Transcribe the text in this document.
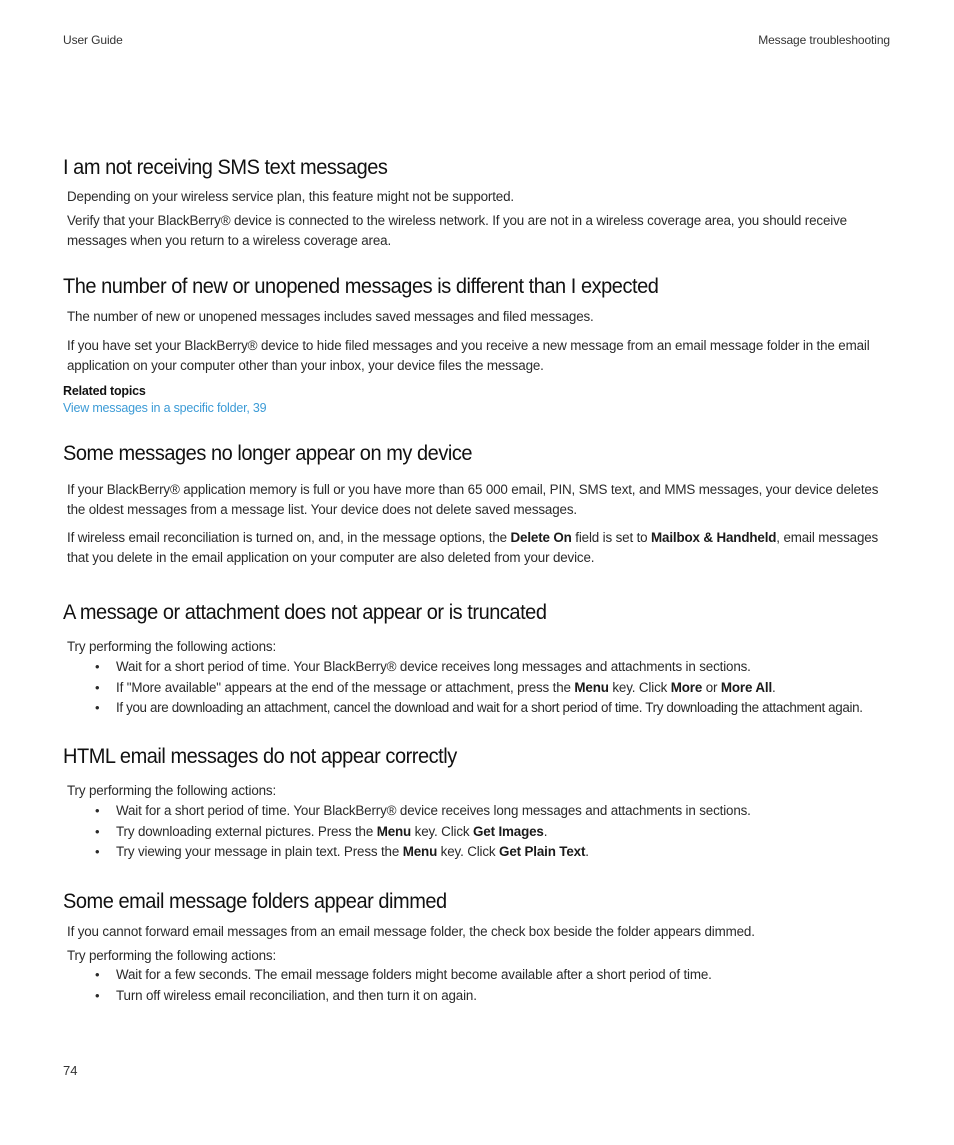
User Guide	Message troubleshooting
I am not receiving SMS text messages

Depending on your wireless service plan, this feature might not be supported.

Verify that your BlackBerry® device is connected to the wireless network. If you are not in a wireless coverage area, you should receive messages when you return to a wireless coverage area.

The number of new or unopened messages is different than I expected

The number of new or unopened messages includes saved messages and filed messages.

If you have set your BlackBerry® device to hide filed messages and you receive a new message from an email message folder in the email application on your computer other than your inbox, your device files the message.

Related topics
View messages in a specific folder, 39
Some messages no longer appear on my device

If your BlackBerry® application memory is full or you have more than 65 000 email, PIN, SMS text, and MMS messages, your device deletes the oldest messages from a message list. Your device does not delete saved messages.

If wireless email reconciliation is turned on, and, in the message options, the Delete On field is set to Mailbox & Handheld, email messages that you delete in the email application on your computer are also deleted from your device.

A message or attachment does not appear or is truncated

Try performing the following actions:

• Wait for a short period of time. Your BlackBerry® device receives long messages and attachments in sections.
• If "More available" appears at the end of the message or attachment, press the Menu key. Click More or More All.
• If you are downloading an attachment, cancel the download and wait for a short period of time. Try downloading the attachment again.
HTML email messages do not appear correctly

Try performing the following actions:

• Wait for a short period of time. Your BlackBerry® device receives long messages and attachments in sections.
• Try downloading external pictures. Press the Menu key. Click Get Images.
• Try viewing your message in plain text. Press the Menu key. Click Get Plain Text.
Some email message folders appear dimmed

If you cannot forward email messages from an email message folder, the check box beside the folder appears dimmed.

Try performing the following actions:

• Wait for a few seconds. The email message folders might become available after a short period of time.
• Turn off wireless email reconciliation, and then turn it on again.
74
